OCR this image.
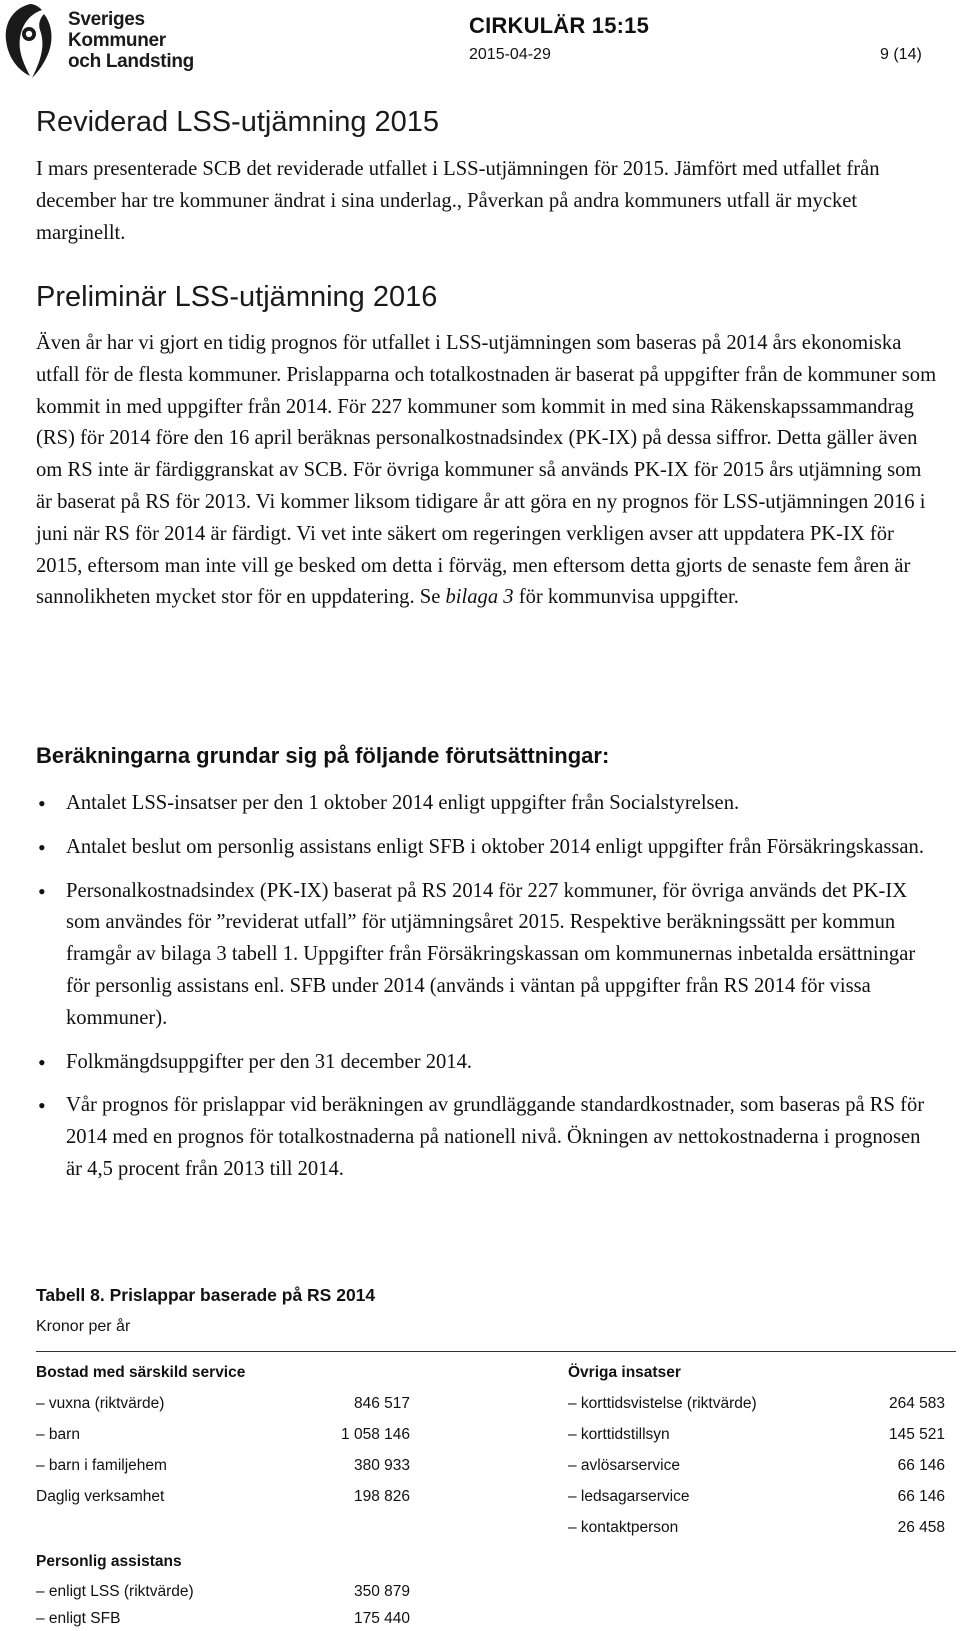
Sveriges
Kommuner
och Landsting
CIRKULÄR 15:15
2015-04-29	9 (14)
Reviderad LSS-utjämning 2015

I mars presenterade SCB det reviderade utfallet i LSS-utjämningen för 2015. Jämfört med utfallet från december har tre kommuner ändrat i sina underlag., Påverkan på andra kommuners utfall är mycket marginellt.

Preliminär LSS-utjämning 2016

Även år har vi gjort en tidig prognos för utfallet i LSS-utjämningen som baseras på 2014 års ekonomiska utfall för de flesta kommuner. Prislapparna och totalkostnaden är baserat på uppgifter från de kommuner som kommit in med uppgifter från 2014. För 227 kommuner som kommit in med sina Räkenskapssammandrag (RS) för 2014 före den 16 april beräknas personalkostnadsindex (PK-IX) på dessa siffror. Detta gäller även om RS inte är färdiggranskat av SCB. För övriga kommuner så används PK-IX för 2015 års utjämning som är baserat på RS för 2013. Vi kommer liksom tidigare år att göra en ny prognos för LSS-utjämningen 2016 i juni när RS för 2014 är färdigt. Vi vet inte säkert om regeringen verkligen avser att uppdatera PK-IX för 2015, eftersom man inte vill ge besked om detta i förväg, men eftersom detta gjorts de senaste fem åren är sannolikheten mycket stor för en uppdatering. Se bilaga 3 för kommunvisa uppgifter.

Beräkningarna grundar sig på följande förutsättningar:
• Antalet LSS-insatser per den 1 oktober 2014 enligt uppgifter från Socialstyrelsen.
• Antalet beslut om personlig assistans enligt SFB i oktober 2014 enligt uppgifter från Försäkringskassan.
• Personalkostnadsindex (PK-IX) baserat på RS 2014 för 227 kommuner, för övriga används det PK-IX som användes för ”reviderat utfall” för utjämningsåret 2015. Respektive beräkningssätt per kommun framgår av bilaga 3 tabell 1. Uppgifter från Försäkringskassan om kommunernas inbetalda ersättningar för personlig assistans enl. SFB under 2014 (används i väntan på uppgifter från RS 2014 för vissa kommuner).
• Folkmängdsuppgifter per den 31 december 2014.
• Vår prognos för prislappar vid beräkningen av grundläggande standardkostnader, som baseras på RS för 2014 med en prognos för totalkostnaderna på nationell nivå. Ökningen av nettokostnaderna i prognosen är 4,5 procent från 2013 till 2014.
Tabell 8. Prislappar baserade på RS 2014
Kronor per år
Bostad med särskild service
– vuxna (riktvärde)	846 517
– barn	1 058 146
– barn i familjehem	380 933
Daglig verksamhet	198 826
Personlig assistans
– enligt LSS (riktvärde)	350 879
– enligt SFB	175 440
Övriga insatser
– korttidsvistelse (riktvärde)	264 583
– korttidstillsyn	145 521
– avlösarservice	66 146
– ledsagarservice	66 146
– kontaktperson	26 458
